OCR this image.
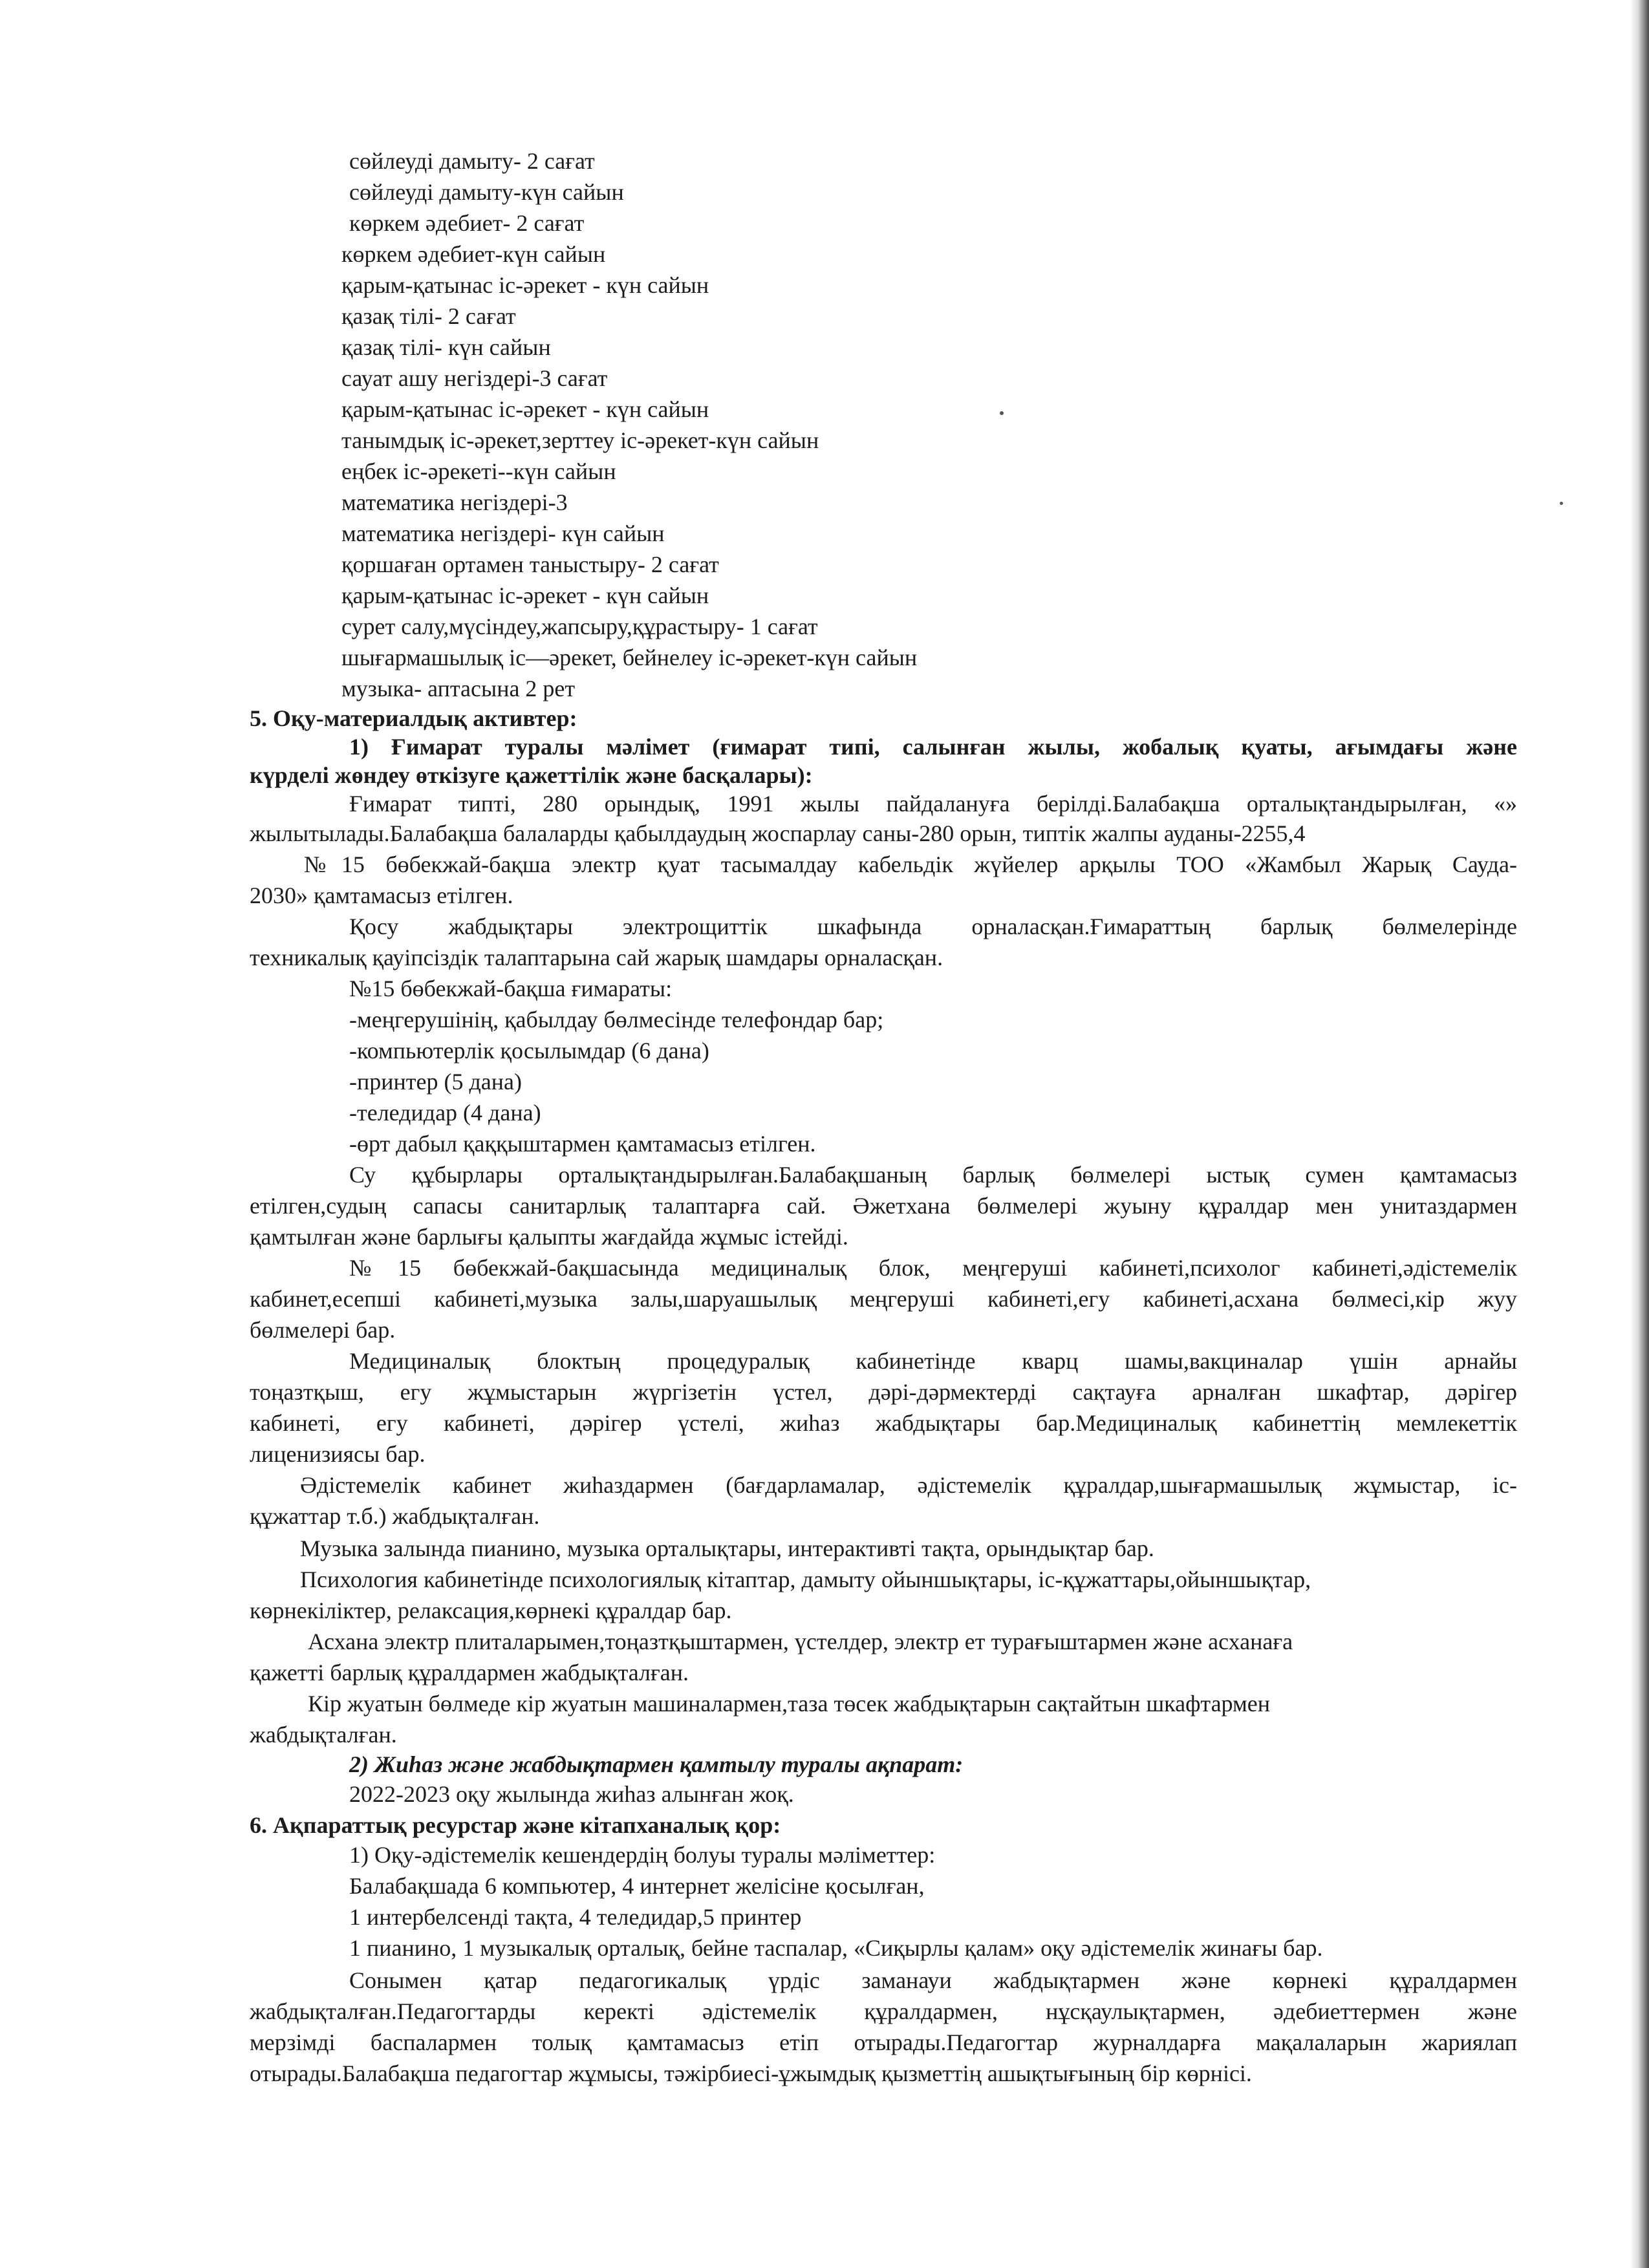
сөйлеуді дамыту- 2 сағат

сөйлеуді дамыту-күн сайын

көркем әдебиет- 2 сағат

көркем әдебиет-күн сайын

қарым-қатынас іс-әрекет - күн сайын

қазақ тілі- 2 сағат

қазақ тілі- күн сайын

сауат ашу негіздері-3 сағат

қарым-қатынас іс-әрекет - күн сайын

танымдық іс-әрекет,зерттеу іс-әрекет-күн сайын

еңбек іс-әрекеті--күн сайын

математика негіздері-3

математика негіздері- күн сайын

қоршаған ортамен таныстыру- 2 сағат

қарым-қатынас іс-әрекет - күн сайын

сурет салу,мүсіндеу,жапсыру,құрастыру- 1 сағат

шығармашылық іс—әрекет, бейнелеу іс-әрекет-күн сайын

музыка- аптасына 2 рет

5. Оқу-материалдық активтер:

1) Ғимарат туралы мәлімет (ғимарат типі, салынған жылы, жобалық қуаты, ағымдағы және

күрделі жөндеу өткізуге қажеттілік және басқалары):

Ғимарат типті, 280 орындық, 1991 жылы пайдалануға берілді.Балабақша орталықтандырылған, «»

жылытылады.Балабақша балаларды қабылдаудың жоспарлау саны-280 орын, типтік жалпы ауданы-2255,4

№15 бөбекжай-бақша электр қуат тасымалдау кабельдік жүйелер арқылы ТОО «Жамбыл Жарық Сауда-

2030» қамтамасыз етілген.

Қосу жабдықтары электрощиттік шкафында орналасқан.Ғимараттың барлық бөлмелерінде

техникалық қауіпсіздік талаптарына сай жарық шамдары орналасқан.

№15 бөбекжай-бақша ғимараты:

-меңгерушінің, қабылдау бөлмесінде телефондар бар;

-компьютерлік қосылымдар (6 дана)

-принтер (5 дана)

-теледидар (4 дана)

-өрт дабыл қаққыштармен қамтамасыз етілген.

Су құбырлары орталықтандырылған.Балабақшаның барлық бөлмелері ыстық сумен қамтамасыз

етілген,судың сапасы санитарлық талаптарға сай. Әжетхана бөлмелері жуыну құралдар мен унитаздармен

қамтылған және барлығы қалыпты жағдайда жұмыс істейді.

№15 бөбекжай-бақшасында медициналық блок, меңгеруші кабинеті,психолог кабинеті,әдістемелік

кабинет,есепші кабинеті,музыка залы,шаруашылық меңгеруші кабинеті,егу кабинеті,асхана бөлмесі,кір жуу

бөлмелері бар.

Медициналық блоктың процедуралық кабинетінде кварц шамы,вакциналар үшін арнайы

тоңазтқыш, егу жұмыстарын жүргізетін үстел, дәрі-дәрмектерді сақтауға арналған шкафтар, дәрігер

кабинеті, егу кабинеті, дәрігер үстелі, жиһаз жабдықтары бар.Медициналық кабинеттің мемлекеттік

лиценизиясы бар.

Әдістемелік кабинет жиһаздармен (бағдарламалар, әдістемелік құралдар,шығармашылық жұмыстар, іс-

құжаттар т.б.) жабдықталған.

Музыка залында пианино, музыка орталықтары, интерактивті тақта, орындықтар бар.

Психология кабинетінде психологиялық кітаптар, дамыту ойыншықтары, іс-құжаттары,ойыншықтар,

көрнекіліктер, релаксация,көрнекі құралдар бар.

Асхана электр плиталарымен,тоңазтқыштармен, үстелдер, электр ет турағыштармен және асханаға

қажетті барлық құралдармен жабдықталған.

Кір жуатын бөлмеде кір жуатын машиналармен,таза төсек жабдықтарын сақтайтын шкафтармен

жабдықталған.

2) Жиһаз және жабдықтармен қамтылу туралы ақпарат:

2022-2023 оқу жылында жиһаз алынған жоқ.

6. Ақпараттық ресурстар және кітапханалық қор:

1) Оқу-әдістемелік кешендердің болуы туралы мәліметтер:

Балабақшада 6 компьютер, 4 интернет желісіне қосылған,

1 интербелсенді тақта, 4 теледидар,5 принтер

1 пианино, 1 музыкалық орталық, бейне таспалар, «Сиқырлы қалам» оқу әдістемелік жинағы бар.

Сонымен қатар педагогикалық үрдіс заманауи жабдықтармен және көрнекі құралдармен

жабдықталған.Педагогтарды керекті әдістемелік құралдармен, нұсқаулықтармен, әдебиеттермен және

мерзімді баспалармен толық қамтамасыз етіп отырады.Педагогтар журналдарға мақалаларын жариялап

отырады.Балабақша педагогтар жұмысы, тәжірбиесі-ұжымдық қызметтің ашықтығының бір көрнісі.
